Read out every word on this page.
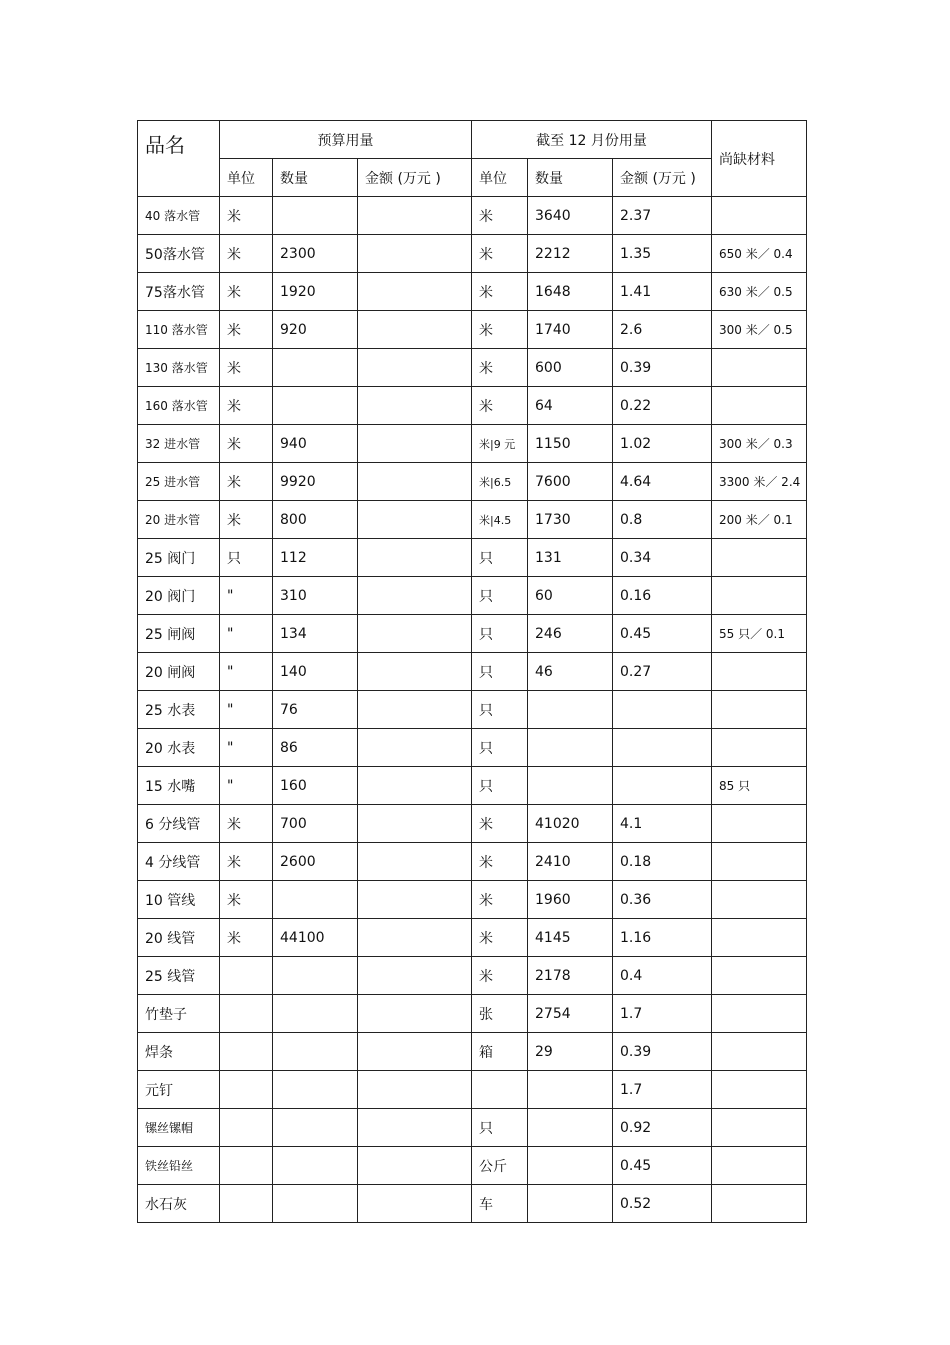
品名	预算用量			截至 12 月份用量			尚缺材料
	单位	数量	金额 (万元 )	单位	数量	金额 (万元 )	
40 落水管	米			米	3640	2.37	
50落水管	米	2300		米	2212	1.35	650 米／ 0.4
75落水管	米	1920		米	1648	1.41	630 米／ 0.5
110 落水管	米	920		米	1740	2.6	300 米／ 0.5
130 落水管	米			米	600	0.39	
160 落水管	米			米	64	0.22	
32 进水管	米	940		米|9 元	1150	1.02	300 米／ 0.3
25 进水管	米	9920		米|6.5	7600	4.64	3300 米／ 2.4
20 进水管	米	800		米|4.5	1730	0.8	200 米／ 0.1
25 阀门	只	112		只	131	0.34	
20 阀门	"	310		只	60	0.16	
25 闸阀	"	134		只	246	0.45	55 只／ 0.1
20 闸阀	"	140		只	46	0.27	
25 水表	"	76		只			
20 水表	"	86		只			
15 水嘴	"	160		只			85 只
6 分线管	米	700		米	41020	4.1	
4 分线管	米	2600		米	2410	0.18	
10 管线	米			米	1960	0.36	
20 线管	米	44100		米	4145	1.16	
25 线管				米	2178	0.4	
竹垫子				张	2754	1.7	
焊条				箱	29	0.39	
元钉						1.7	
镙丝镙帽				只		0.92	
铁丝铅丝				公斤		0.45	
水石灰				车		0.52	
